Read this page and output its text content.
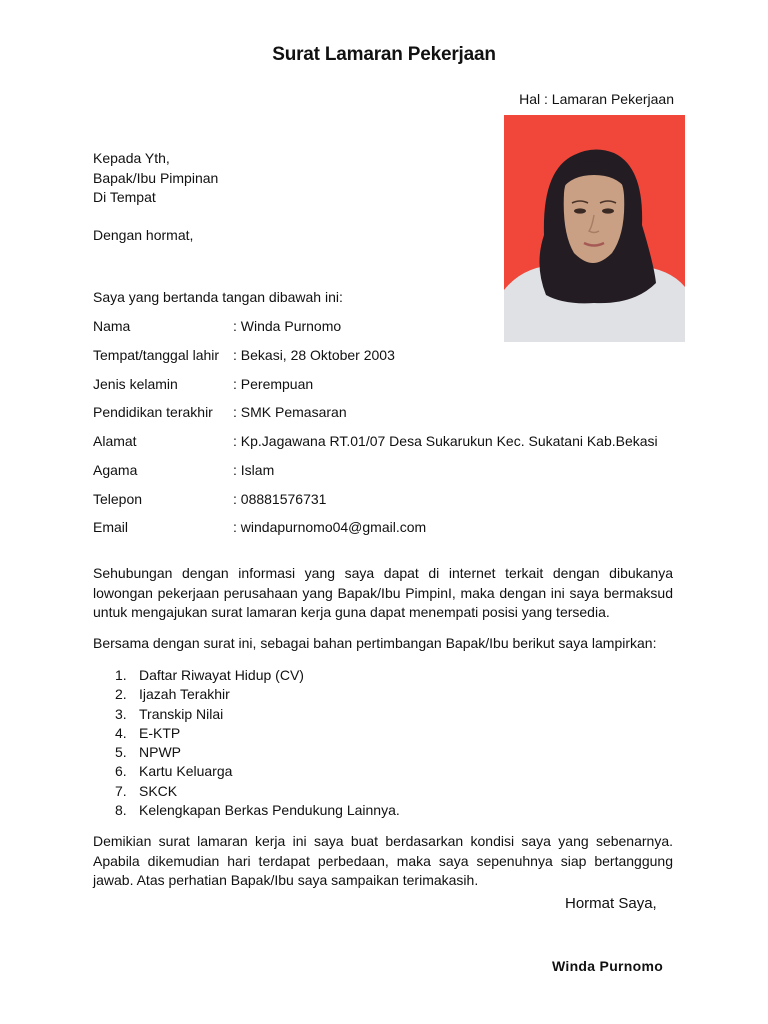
Surat Lamaran Pekerjaan
Hal : Lamaran Pekerjaan
Kepada Yth,
Bapak/Ibu Pimpinan
Di Tempat
Dengan hormat,
Saya yang bertanda tangan dibawah ini:
Nama	: Winda Purnomo
Tempat/tanggal lahir : Bekasi, 28 Oktober 2003
Jenis kelamin	: Perempuan
Pendidikan terakhir : SMK Pemasaran
Alamat	: Kp.Jagawana RT.01/07 Desa Sukarukun Kec. Sukatani Kab.Bekasi
Agama	: Islam
Telepon	: 08881576731
Email	: windapurnomo04@gmail.com
Sehubungan dengan informasi yang saya dapat di internet terkait dengan dibukanya lowongan pekerjaan perusahaan yang Bapak/Ibu PimpinI, maka dengan ini saya bermaksud untuk mengajukan surat lamaran kerja guna dapat menempati posisi yang tersedia.
Bersama dengan surat ini, sebagai bahan pertimbangan Bapak/Ibu berikut saya lampirkan:
1. Daftar Riwayat Hidup (CV)
2. Ijazah Terakhir
3. Transkip Nilai
4. E-KTP
5. NPWP
6. Kartu Keluarga
7. SKCK
8. Kelengkapan Berkas Pendukung Lainnya.
Demikian surat lamaran kerja ini saya buat berdasarkan kondisi saya yang sebenarnya. Apabila dikemudian hari terdapat perbedaan, maka saya sepenuhnya siap bertanggung jawab. Atas perhatian Bapak/Ibu saya sampaikan terimakasih.
Hormat Saya,
Winda Purnomo
